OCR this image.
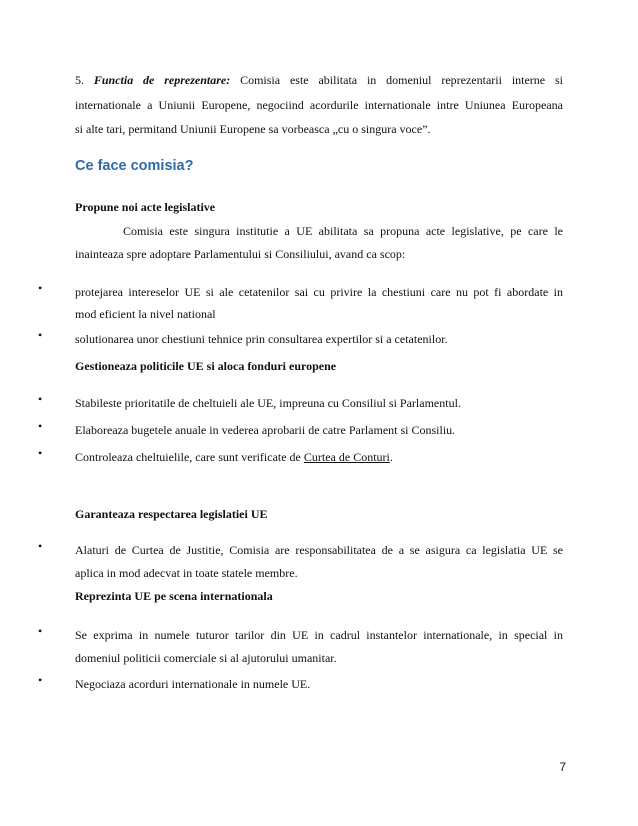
5. Functia de reprezentare: Comisia este abilitata in domeniul reprezentarii interne si

internationale a Uniunii Europene, negociind acordurile internationale intre Uniunea Europeana

si alte tari, permitand Uniunii Europene sa vorbeasca „cu o singura voce”.

Ce face comisia?

Propune noi acte legislative

Comisia este singura institutie a UE abilitata sa propuna acte legislative, pe care le

inainteaza spre adoptare Parlamentului si Consiliului, avand ca scop:

•	protejarea intereselor UE si ale cetatenilor sai cu privire la chestiuni care nu pot fi abordate in

mod eficient la nivel national

•	solutionarea unor chestiuni tehnice prin consultarea expertilor si a cetatenilor.

Gestioneaza politicile UE si aloca fonduri europene

•	Stabileste prioritatile de cheltuieli ale UE, impreuna cu Consiliul si Parlamentul.

•	Elaboreaza bugetele anuale in vederea aprobarii de catre Parlament si Consiliu.

•	Controleaza cheltuielile, care sunt verificate de Curtea de Conturi.

Garanteaza respectarea legislatiei UE

•	Alaturi de Curtea de Justitie, Comisia are responsabilitatea de a se asigura ca legislatia UE se

aplica in mod adecvat in toate statele membre.

Reprezinta UE pe scena internationala

•	Se exprima in numele tuturor tarilor din UE in cadrul instantelor internationale, in special in

domeniul politicii comerciale si al ajutorului umanitar.

•	Negociaza acorduri internationale in numele UE.

7
